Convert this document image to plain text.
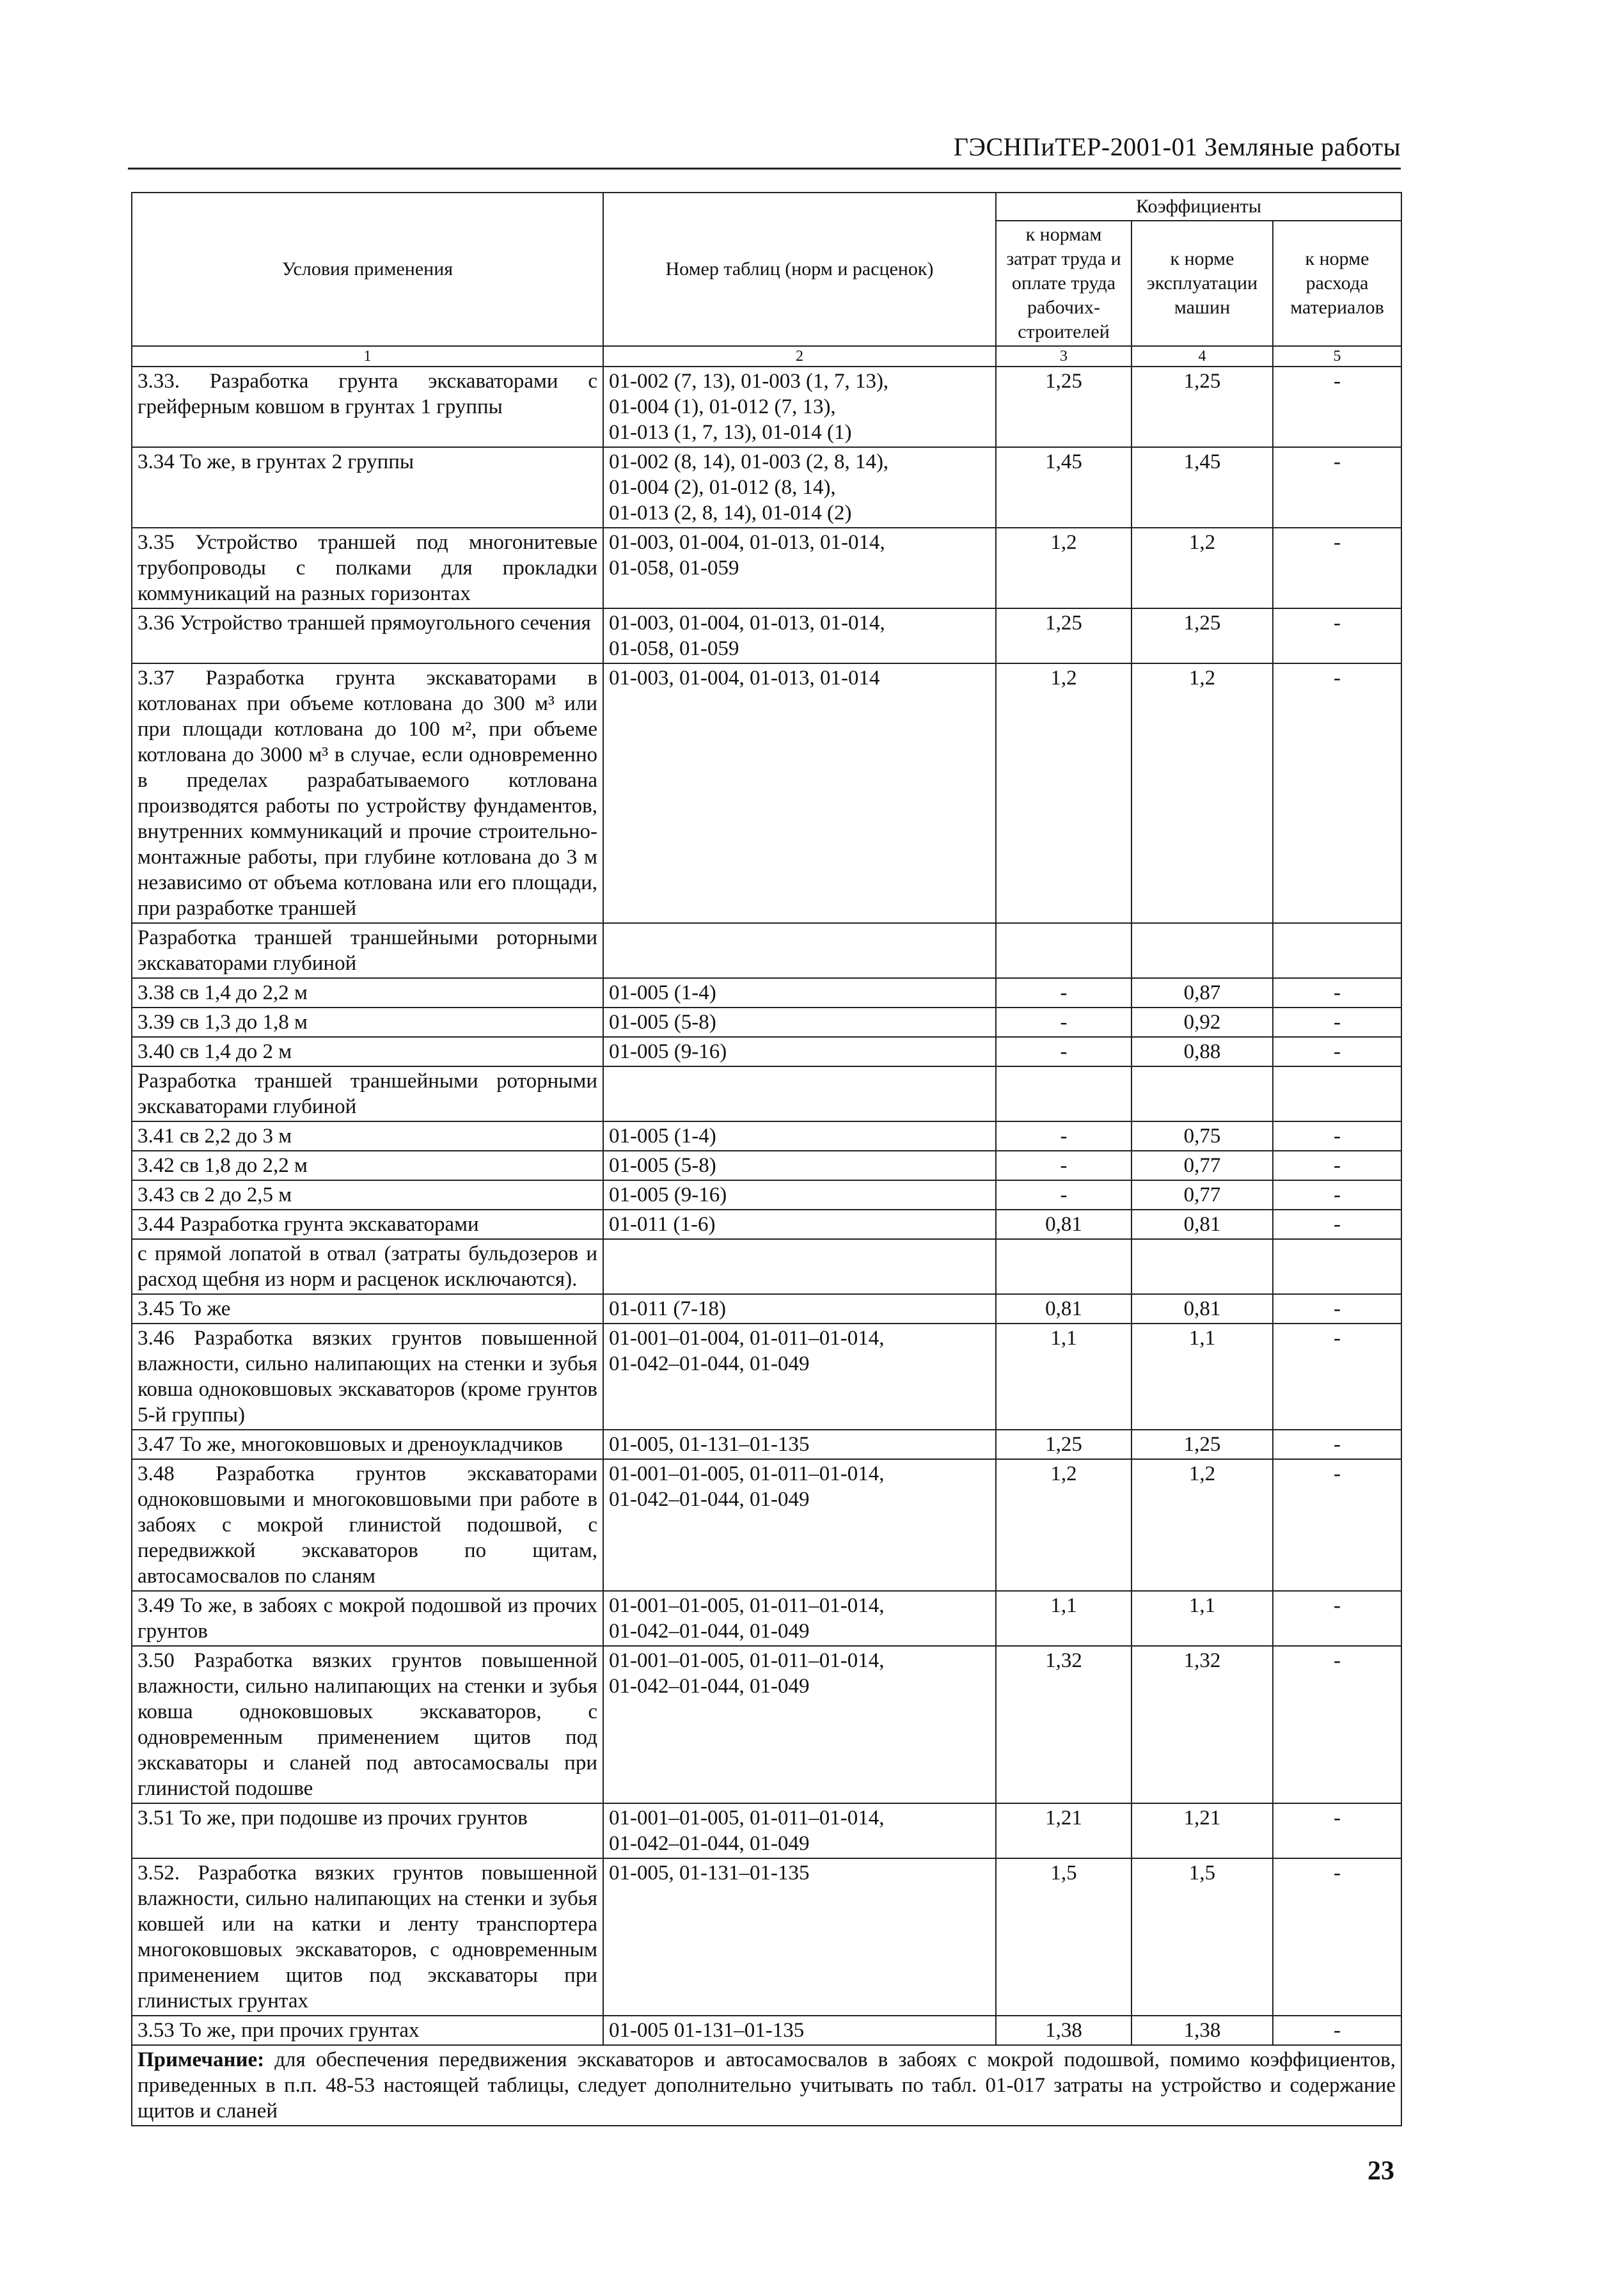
ГЭСНПиТЕР-2001-01 Земляные работы
Условия применения	Номер таблиц (норм и расценок)	Коэффициенты		
		к нормам затрат труда и оплате труда рабочих-строителей	к норме эксплуатации машин	к норме расхода материалов
1	2	3	4	5
3.33. Разработка грунта экскаваторами с грейферным ковшом в грунтах 1 группы	01-002 (7, 13), 01-003 (1, 7, 13),
01-004 (1), 01-012 (7, 13),
01-013 (1, 7, 13), 01-014 (1)	1,25	1,25	-
3.34 То же, в грунтах 2 группы	01-002 (8, 14), 01-003 (2, 8, 14),
01-004 (2), 01-012 (8, 14),
01-013 (2, 8, 14), 01-014 (2)	1,45	1,45	-
3.35 Устройство траншей под многонитевые трубопроводы с полками для прокладки коммуникаций на разных горизонтах	01-003, 01-004, 01-013, 01-014,
01-058, 01-059	1,2	1,2	-
3.36 Устройство траншей прямоугольного сечения	01-003, 01-004, 01-013, 01-014,
01-058, 01-059	1,25	1,25	-
3.37 Разработка грунта экскаваторами в котлованах при объеме котлована до 300 м³ или при площади котлована до 100 м², при объеме котлована до 3000 м³ в случае, если одновременно в пределах разрабатываемого котлована производятся работы по устройству фундаментов, внутренних коммуникаций и прочие строительно-монтажные работы, при глубине котлована до 3 м независимо от объема котлована или его площади, при разработке траншей	01-003, 01-004, 01-013, 01-014	1,2	1,2	-
Разработка траншей траншейными роторными экскаваторами глубиной				
3.38 св 1,4 до 2,2 м	01-005 (1-4)	-	0,87	-
3.39 св 1,3 до 1,8 м	01-005 (5-8)	-	0,92	-
3.40 св 1,4 до 2 м	01-005 (9-16)	-	0,88	-
Разработка траншей траншейными роторными экскаваторами глубиной				
3.41 св 2,2 до 3 м	01-005 (1-4)	-	0,75	-
3.42 св 1,8 до 2,2 м	01-005 (5-8)	-	0,77	-
3.43 св 2 до 2,5 м	01-005 (9-16)	-	0,77	-
3.44 Разработка грунта экскаваторами	01-011 (1-6)	0,81	0,81	-
с прямой лопатой в отвал (затраты бульдозеров и расход щебня из норм и расценок исключаются).				
3.45 То же	01-011 (7-18)	0,81	0,81	-
3.46 Разработка вязких грунтов повышенной влажности, сильно налипающих на стенки и зубья ковша одноковшовых экскаваторов (кроме грунтов 5-й группы)	01-001–01-004, 01-011–01-014,
01-042–01-044, 01-049	1,1	1,1	-
3.47 То же, многоковшовых и дреноукладчиков	01-005, 01-131–01-135	1,25	1,25	-
3.48 Разработка грунтов экскаваторами одноковшовыми и многоковшовыми при работе в забоях с мокрой глинистой подошвой, с передвижкой экскаваторов по щитам, автосамосвалов по сланям	01-001–01-005, 01-011–01-014,
01-042–01-044, 01-049	1,2	1,2	-
3.49 То же, в забоях с мокрой подошвой из прочих грунтов	01-001–01-005, 01-011–01-014,
01-042–01-044, 01-049	1,1	1,1	-
3.50 Разработка вязких грунтов повышенной влажности, сильно налипающих на стенки и зубья ковша одноковшовых экскаваторов, с одновременным применением щитов под экскаваторы и сланей под автосамосвалы при глинистой подошве	01-001–01-005, 01-011–01-014,
01-042–01-044, 01-049	1,32	1,32	-
3.51 То же, при подошве из прочих грунтов	01-001–01-005, 01-011–01-014,
01-042–01-044, 01-049	1,21	1,21	-
3.52. Разработка вязких грунтов повышенной влажности, сильно налипающих на стенки и зубья ковшей или на катки и ленту транспортера многоковшовых экскаваторов, с одновременным применением щитов под экскаваторы при глинистых грунтах	01-005, 01-131–01-135	1,5	1,5	-
3.53 То же, при прочих грунтах	01-005 01-131–01-135	1,38	1,38	-
Примечание: для обеспечения передвижения экскаваторов и автосамосвалов в забоях с мокрой подошвой, помимо коэффициентов, приведенных в п.п. 48-53 настоящей таблицы, следует дополнительно учитывать по табл. 01-017 затраты на устройство и содержание щитов и сланей				
23
